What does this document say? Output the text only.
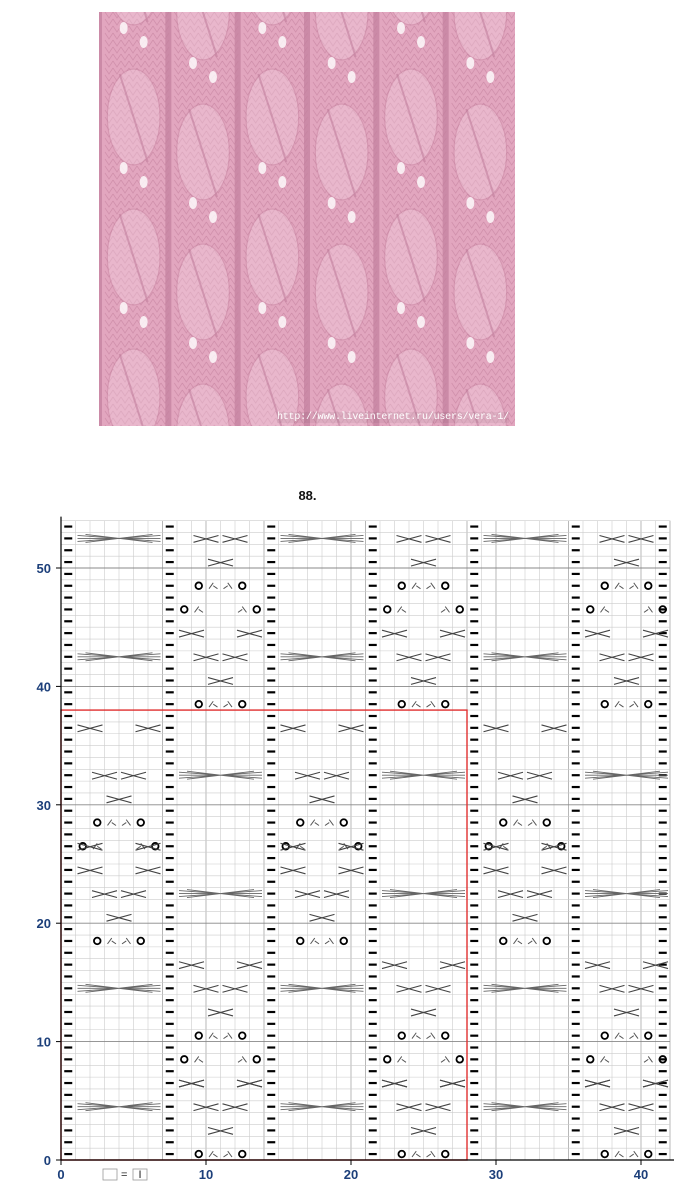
http://www.liveinternet.ru/users/vera-1/
88.
0	10	20	30	40
0
10
20
30
40
50
= I
